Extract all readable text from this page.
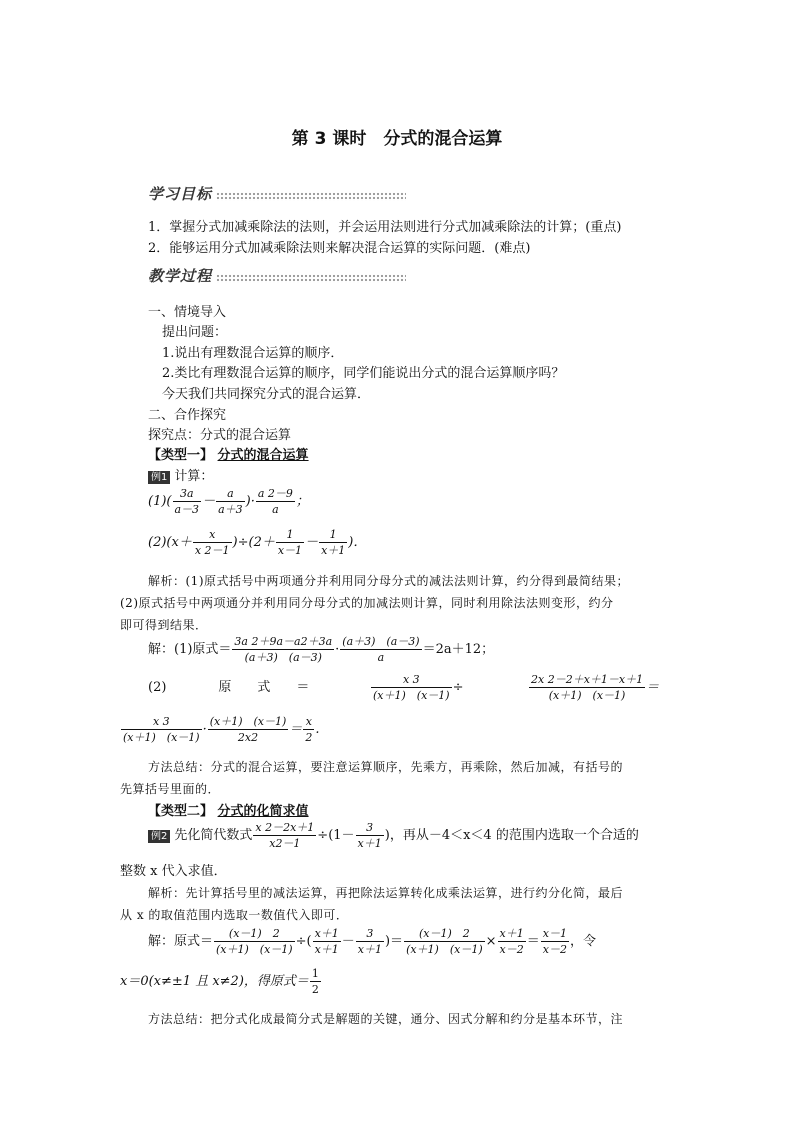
第 3 课时　分式的混合运算
学习目标
1．掌握分式加减乘除法的法则，并会运用法则进行分式加减乘除法的计算；(重点)
2．能够运用分式加减乘除法则来解决混合运算的实际问题．(难点)
教学过程
一、情境导入
提出问题：
1.说出有理数混合运算的顺序．
2.类比有理数混合运算的顺序，同学们能说出分式的混合运算顺序吗？
今天我们共同探究分式的混合运算．
二、合作探究
探究点：分式的混合运算
【类型一】 分式的混合运算
例1 计算：
$(1)( \frac{3a}{a-3} - \frac{a}{a+3}$ )· $\frac{a 2-9}{a}$ ；
$(2)(x+ \frac{x}{x 2-1} )\div(2+ \frac{1}{x-1} - \frac{1}{x+1}$ )．
解析：(1)原式括号中两项通分并利用同分母分式的减法法则计算，约分得到最简结果；
(2)原式括号中两项通分并利用同分母分式的加减法则计算，同时利用除法法则变形，约分
即可得到结果．
解：(1)原式＝ $\frac{3a 2+9a-a2+3a}{(a+3) (a-3)} \cdot \frac{(a+3) (a-3)}{a} =2a+12$；
(2)　　　　原　　式　　＝	$\frac{x 3}{(x+1) (x-1)}$ ÷	$\frac{2x 2-2+x+1-x+1}{(x+1) (x-1)}$ ＝
$\frac{x 3}{(x+1) (x-1)} \cdot \frac{(x+1) (x-1)}{2x2} = \frac{x}{2}$ .
方法总结：分式的混合运算，要注意运算顺序，先乘方，再乘除，然后加减，有括号的
先算括号里面的．
【类型二】 分式的化简求值
例2 先化简代数式 $\frac{x 2-2x+1}{x2-1} \div(1- \frac{3}{x+1}$ )，再从－4＜x＜4 的范围内选取一个合适的
整数 x 代入求值．
解析：先计算括号里的减法运算，再把除法运算转化成乘法运算，进行约分化简，最后
从 x 的取值范围内选取一数值代入即可．
解：原式＝ $\frac{(x-1) 2}{(x+1) (x-1)}$ ÷( $\frac{x+1}{x+1} - \frac{3}{x+1}$ )＝ $\frac{(x-1) 2}{(x+1) (x-1)} \times \frac{x+1}{x-2} = \frac{x-1}{x-2}$ ，令
x＝0(x≠±1 且 x≠2)，得原式＝ $\frac{1}{2}$
方法总结：把分式化成最简分式是解题的关键，通分、因式分解和约分是基本环节，注
